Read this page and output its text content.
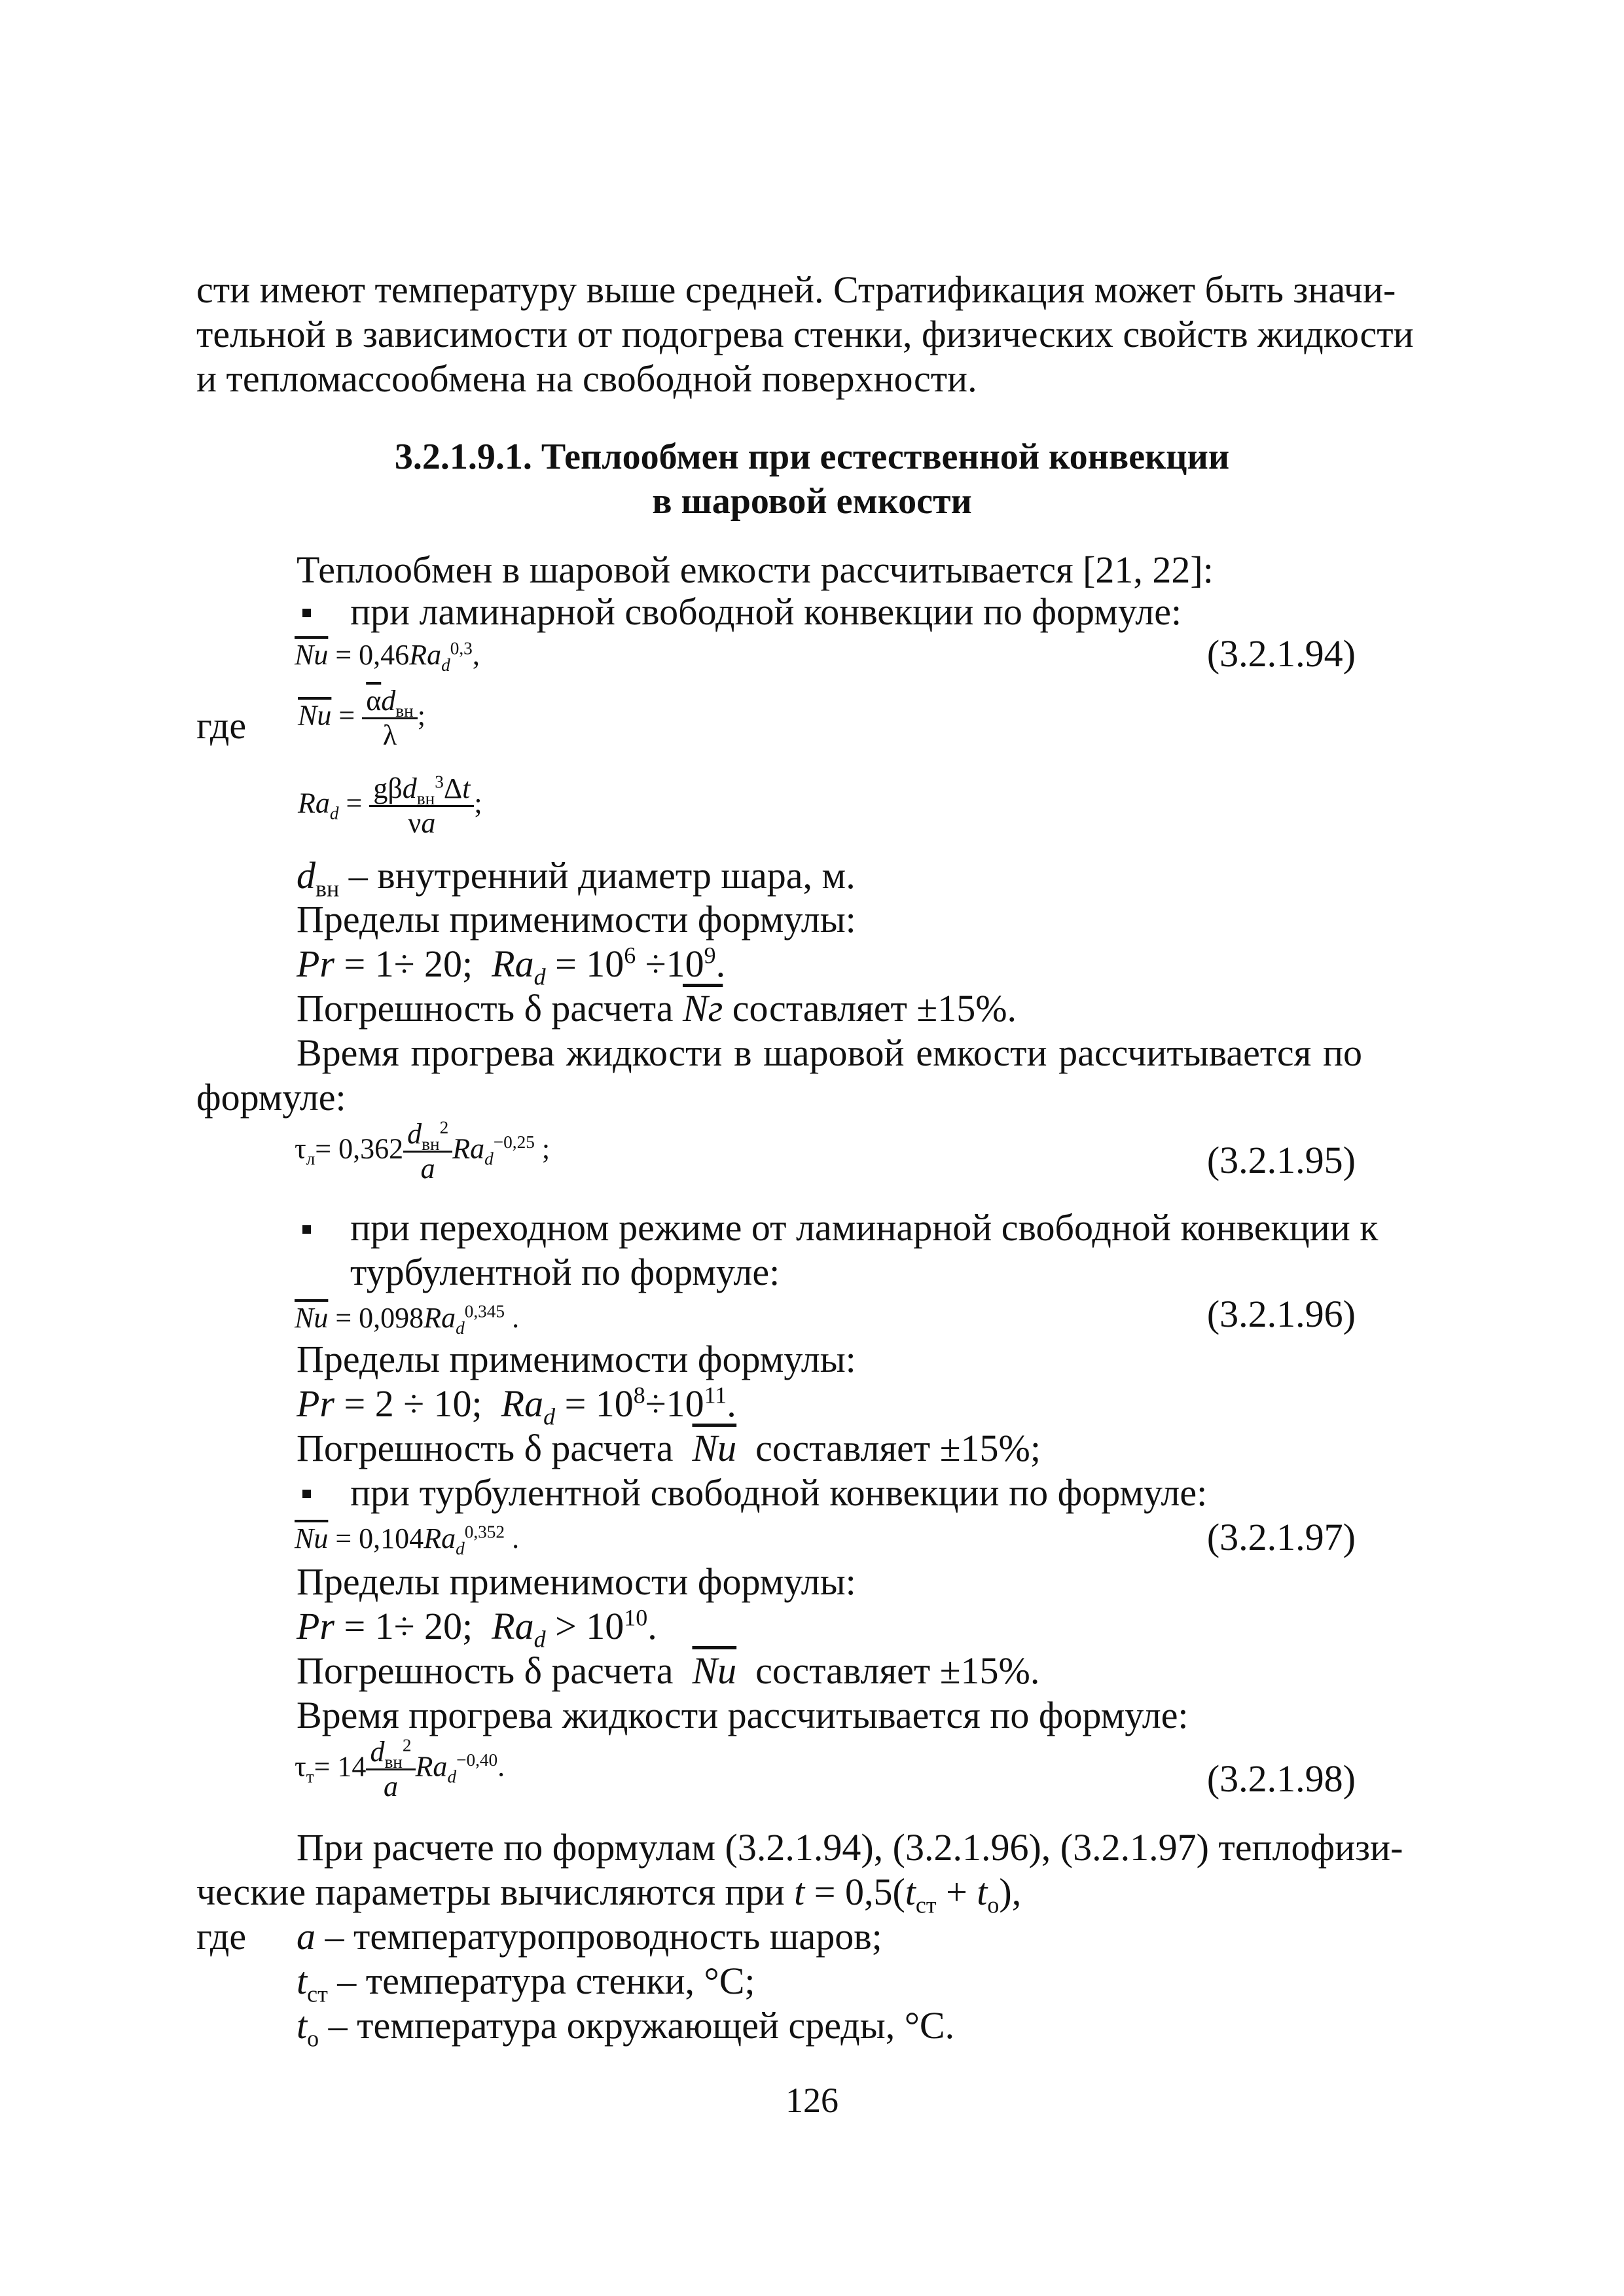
сти имеют температуру выше средней. Стратификация может быть значи-
тельной в зависимости от подогрева стенки, физических свойств жидкости
и тепломассообмена на свободной поверхности.
3.2.1.9.1. Теплообмен при естественной конвекции
в шаровой емкости
Теплообмен в шаровой емкости рассчитывается [21, 22]:
при ламинарной свободной конвекции по формуле:
$\overline{Nu} = 0,46Ra_d^{0,3}$,	(3.2.1.94)
где $\overline{Nu} = \frac{\overline{\alpha}d_{вн}}{\lambda}$ ;
$Ra_d = \frac{g\beta d_{вн}^3\Delta t}{\nu a}$ ;
$d_{вн}$ – внутренний диаметр шара, м.
Пределы применимости формулы:
Pr = 1÷ 20;  $Ra_d = 10^6 \div 10^9$.
Погрешность δ расчета Nг составляет ±15%.
Время прогрева жидкости в шаровой емкости рассчитывается по
формуле:
$\tau_л= 0,362 \frac{d_{вн}^2}{a} Ra_d^{-0,25}$ ;	(3.2.1.95)
при переходном режиме от ламинарной свободной конвекции к
турбулентной по формуле:
$\overline{Nu} = 0,098Ra_d^{0,345}$ .	(3.2.1.96)
Пределы применимости формулы:
Pr = 2 ÷ 10;  $Ra_d = 10^8\div 10^{11}$.
Погрешность δ расчета $\overline{Nu}$ составляет ±15%;
при турбулентной свободной конвекции по формуле:
$\overline{Nu} = 0,104Ra_d^{0,352}$ .	(3.2.1.97)
Пределы применимости формулы:
Pr = 1÷ 20;  $Ra_d > 10^{10}$.
Погрешность δ расчета $\overline{Nu}$ составляет ±15%.
Время прогрева жидкости рассчитывается по формуле:
$\tau_т= 14 \frac{d_{вн}^2}{a} Ra_d^{-0,40}$.	(3.2.1.98)
При расчете по формулам (3.2.1.94), (3.2.1.96), (3.2.1.97) теплофизи-
ческие параметры вычисляются при $t = 0,5(t_{ст} + t_о)$,
где a – температуропроводность шаров;
$t_{ст}$ – температура стенки, °С;
$t_о$ – температура окружающей среды, °С.
126
